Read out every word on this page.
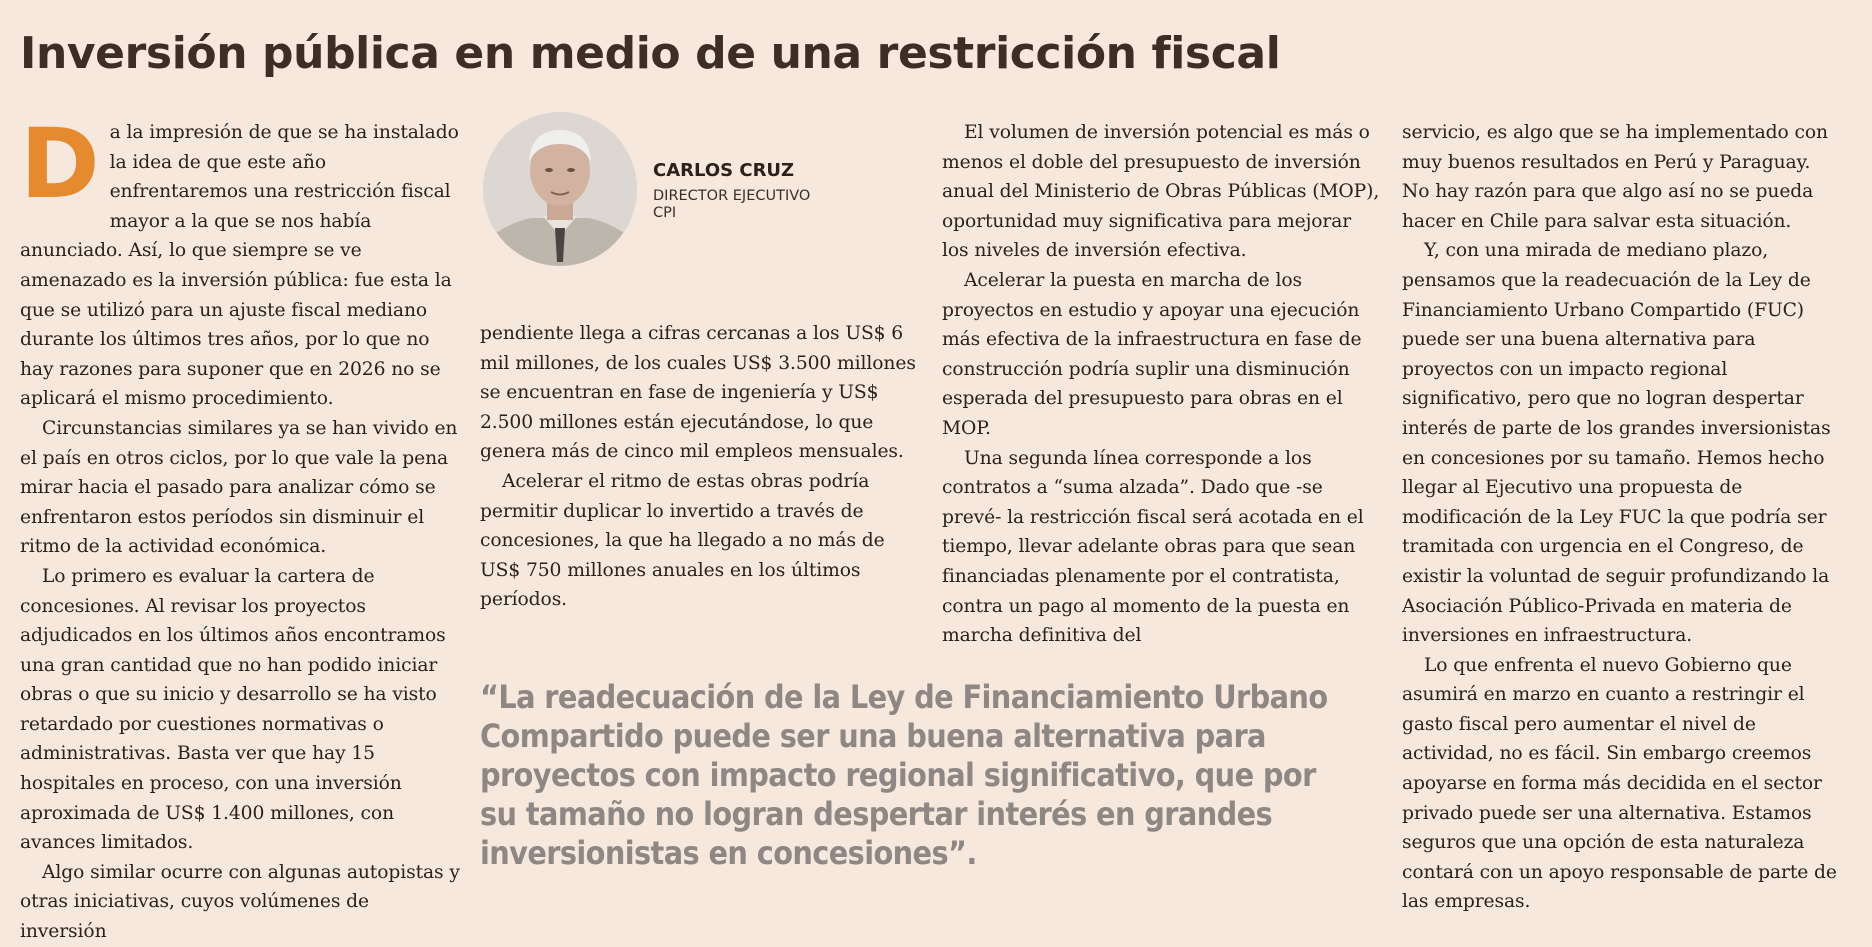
Inversión pública en medio de una restricción fiscal
CARLOS CRUZ
DIRECTOR EJECUTIVO
CPI

Da la impresión de que se ha instalado la idea de que este año enfrentaremos una restricción fiscal mayor a la que se nos había anunciado. Así, lo que siempre se ve amenazado es la inversión pública: fue esta la que se utilizó para un ajuste fiscal mediano durante los últimos tres años, por lo que no hay razones para suponer que en 2026 no se aplicará el mismo procedimiento.

Circunstancias similares ya se han vivido en el país en otros ciclos, por lo que vale la pena mirar hacia el pasado para analizar cómo se enfrentaron estos períodos sin disminuir el ritmo de la actividad económica.

Lo primero es evaluar la cartera de concesiones. Al revisar los proyectos adjudicados en los últimos años encontramos una gran cantidad que no han podido iniciar obras o que su inicio y desarrollo se ha visto retardado por cuestiones normativas o administrativas. Basta ver que hay 15 hospitales en proceso, con una inversión aproximada de US$ 1.400 millones, con avances limitados.

Algo similar ocurre con algunas autopistas y otras iniciativas, cuyos volúmenes de inversión

pendiente llega a cifras cercanas a los US$ 6 mil millones, de los cuales US$ 3.500 millones se encuentran en fase de ingeniería y US$ 2.500 millones están ejecutándose, lo que genera más de cinco mil empleos mensuales.

Acelerar el ritmo de estas obras podría permitir duplicar lo invertido a través de concesiones, la que ha llegado a no más de US$ 750 millones anuales en los últimos períodos.

El volumen de inversión potencial es más o menos el doble del presupuesto de inversión anual del Ministerio de Obras Públicas (MOP), oportunidad muy significativa para mejorar los niveles de inversión efectiva.

Acelerar la puesta en marcha de los proyectos en estudio y apoyar una ejecución más efectiva de la infraestructura en fase de construcción podría suplir una disminución esperada del presupuesto para obras en el MOP.

Una segunda línea corresponde a los contratos a “suma alzada”. Dado que -se prevé- la restricción fiscal será acotada en el tiempo, llevar adelante obras para que sean financiadas plenamente por el contratista, contra un pago al momento de la puesta en marcha definitiva del

servicio, es algo que se ha implementado con muy buenos resultados en Perú y Paraguay. No hay razón para que algo así no se pueda hacer en Chile para salvar esta situación.

Y, con una mirada de mediano plazo, pensamos que la readecuación de la Ley de Financiamiento Urbano Compartido (FUC) puede ser una buena alternativa para proyectos con un impacto regional significativo, pero que no logran despertar interés de parte de los grandes inversionistas en concesiones por su tamaño. Hemos hecho llegar al Ejecutivo una propuesta de modificación de la Ley FUC la que podría ser tramitada con urgencia en el Congreso, de existir la voluntad de seguir profundizando la Asociación Público-Privada en materia de inversiones en infraestructura.

Lo que enfrenta el nuevo Gobierno que asumirá en marzo en cuanto a restringir el gasto fiscal pero aumentar el nivel de actividad, no es fácil. Sin embargo creemos apoyarse en forma más decidida en el sector privado puede ser una alternativa. Estamos seguros que una opción de esta naturaleza contará con un apoyo responsable de parte de las empresas.

“La readecuación de la Ley de Financiamiento Urbano Compartido puede ser una buena alternativa para proyectos con impacto regional significativo, que por su tamaño no logran despertar interés en grandes inversionistas en concesiones”.
